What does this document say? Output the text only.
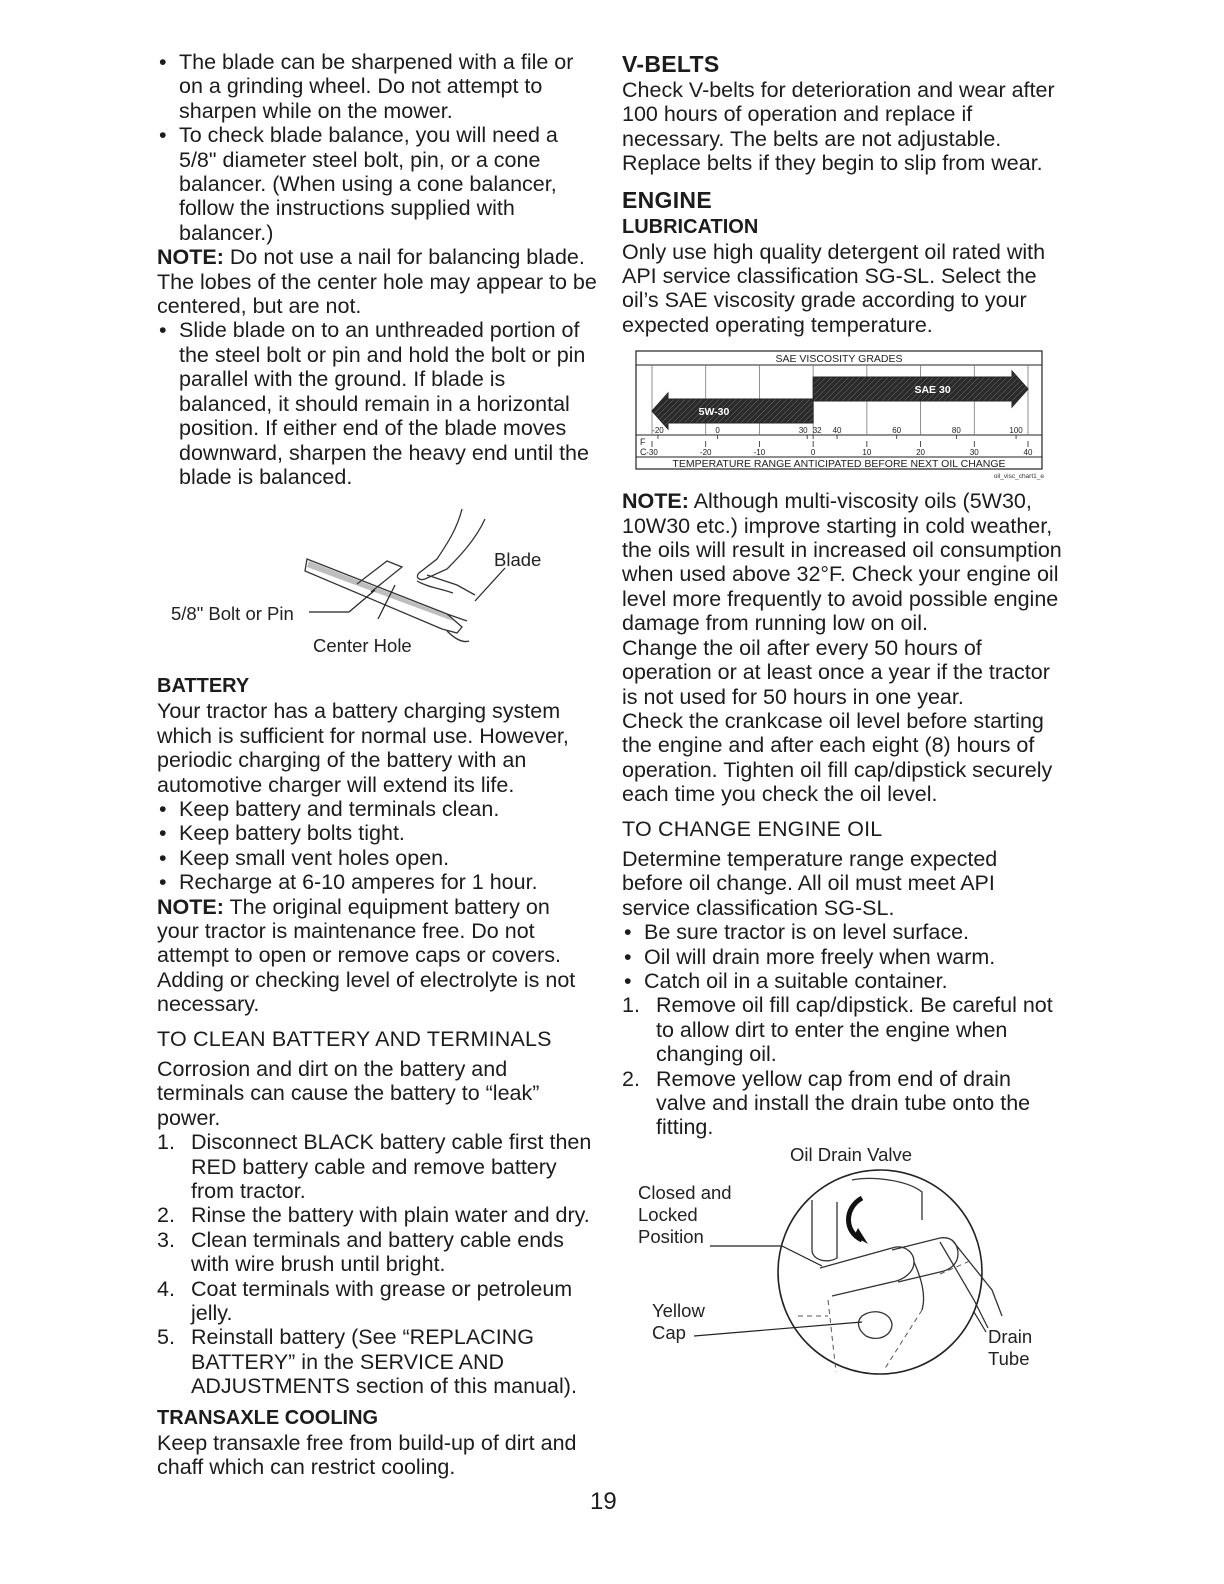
• The blade can be sharpened with a file or on a grinding wheel. Do not attempt to sharpen while on the mower.

• To check blade balance, you will need a 5/8" diameter steel bolt, pin, or a cone balancer. (When using a cone balancer, follow the instructions supplied with balancer.)

NOTE: Do not use a nail for balancing blade. The lobes of the center hole may appear to be centered, but are not.

• Slide blade on to an unthreaded portion of the steel bolt or pin and hold the bolt or pin parallel with the ground. If blade is balanced, it should remain in a horizontal position. If either end of the blade moves downward, sharpen the heavy end until the blade is balanced.

5/8" Bolt or Pin
Blade
Center Hole

BATTERY

Your tractor has a battery charging system which is sufficient for normal use. However, periodic charging of the battery with an automotive charger will extend its life.

• Keep battery and terminals clean.

• Keep battery bolts tight.

• Keep small vent holes open.

• Recharge at 6-10 amperes for 1 hour.

NOTE: The original equipment battery on your tractor is maintenance free. Do not attempt to open or remove caps or covers. Adding or checking level of electrolyte is not necessary.

TO CLEAN BATTERY AND TERMINALS

Corrosion and dirt on the battery and terminals can cause the battery to “leak” power.

1. Disconnect BLACK battery cable first then RED battery cable and remove battery from tractor.

2. Rinse the battery with plain water and dry.

3. Clean terminals and battery cable ends with wire brush until bright.

4. Coat terminals with grease or petroleum jelly.

5. Reinstall battery (See “REPLACING BATTERY” in the SERVICE AND ADJUSTMENTS section of this manual).

TRANSAXLE COOLING

Keep transaxle free from build-up of dirt and chaff which can restrict cooling.

V-BELTS

Check V-belts for deterioration and wear after 100 hours of operation and replace if necessary. The belts are not adjustable. Replace belts if they begin to slip from wear.

ENGINE

LUBRICATION

Only use high quality detergent oil rated with API service classification SG-SL. Select the oil’s SAE viscosity grade according to your expected operating temperature.

SAE VISCOSITY GRADES
TEMPERATURE RANGE ANTICIPATED BEFORE NEXT OIL CHANGE
F
C
5W-30
SAE 30
-20	0	30 32 40	60	80	100
-30	-20	-10	0	10	20	30	40
oil_visc_chart1_e

NOTE: Although multi-viscosity oils (5W30, 10W30 etc.) improve starting in cold weather, the oils will result in increased oil consumption when used above 32°F. Check your engine oil level more frequently to avoid possible engine damage from running low on oil.

Change the oil after every 50 hours of operation or at least once a year if the tractor is not used for 50 hours in one year.

Check the crankcase oil level before starting the engine and after each eight (8) hours of operation. Tighten oil fill cap/dipstick securely each time you check the oil level.

TO CHANGE ENGINE OIL

Determine temperature range expected before oil change. All oil must meet API service classification SG-SL.

• Be sure tractor is on level surface.

• Oil will drain more freely when warm.

• Catch oil in a suitable container.

1. Remove oil fill cap/dipstick. Be careful not to allow dirt to enter the engine when changing oil.

2. Remove yellow cap from end of drain valve and install the drain tube onto the fitting.

Oil Drain Valve
Closed and
Locked
Position
Yellow
Cap	Drain
Tube
19
